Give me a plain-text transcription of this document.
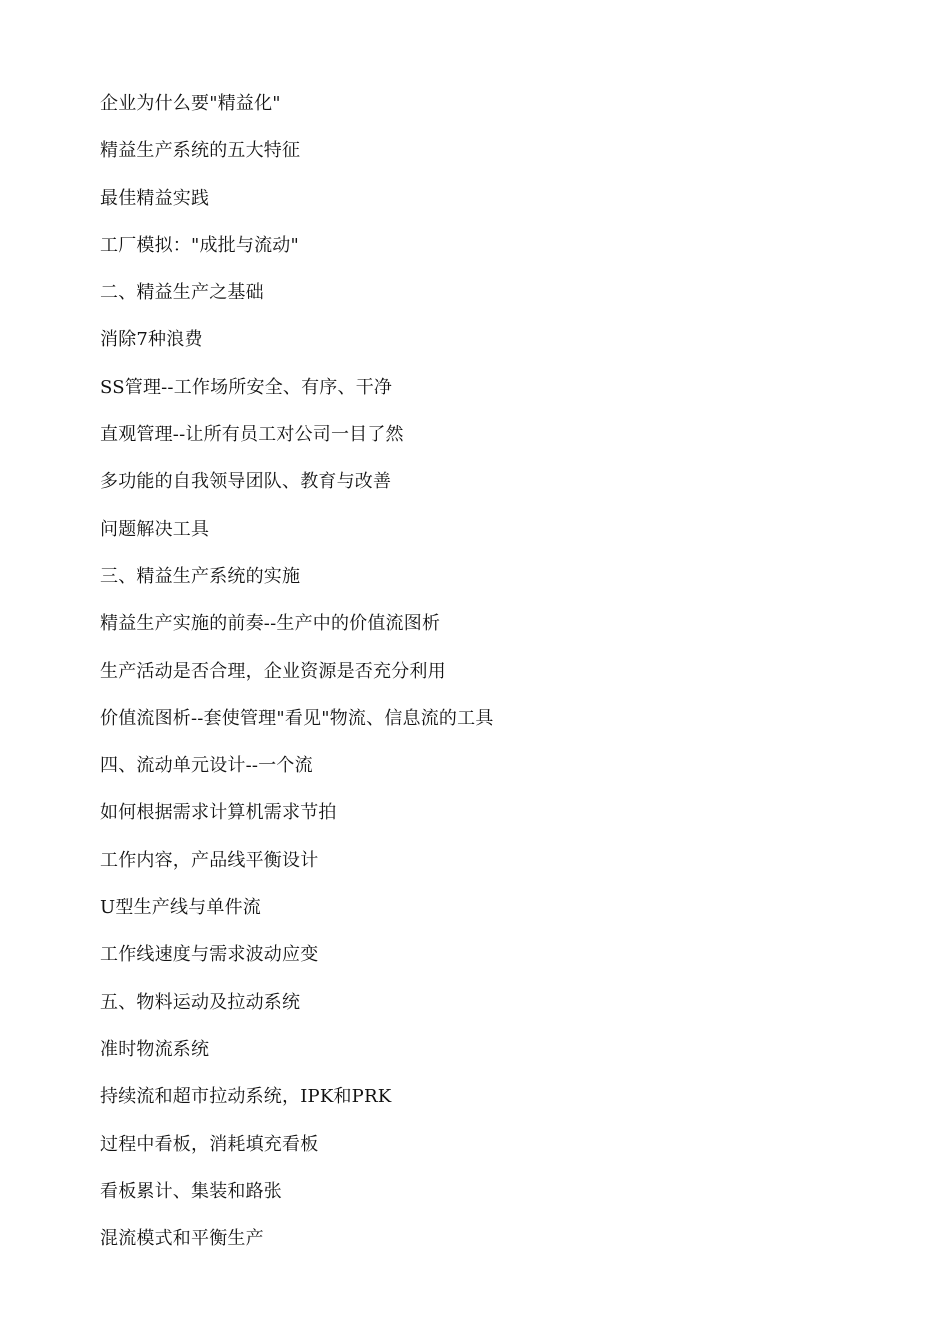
企业为什么要"精益化"
精益生产系统的五大特征
最佳精益实践
工厂模拟："成批与流动"
二、精益生产之基础
消除7种浪费
SS管理--工作场所安全、有序、干净
直观管理--让所有员工对公司一目了然
多功能的自我领导团队、教育与改善
问题解决工具
三、精益生产系统的实施
精益生产实施的前奏--生产中的价值流图析
生产活动是否合理，企业资源是否充分利用
价值流图析--套使管理"看见"物流、信息流的工具
四、流动单元设计--一个流
如何根据需求计算机需求节拍
工作内容，产品线平衡设计
U型生产线与单件流
工作线速度与需求波动应变
五、物料运动及拉动系统
准时物流系统
持续流和超市拉动系统，IPK和PRK
过程中看板，消耗填充看板
看板累计、集装和路张
混流模式和平衡生产
